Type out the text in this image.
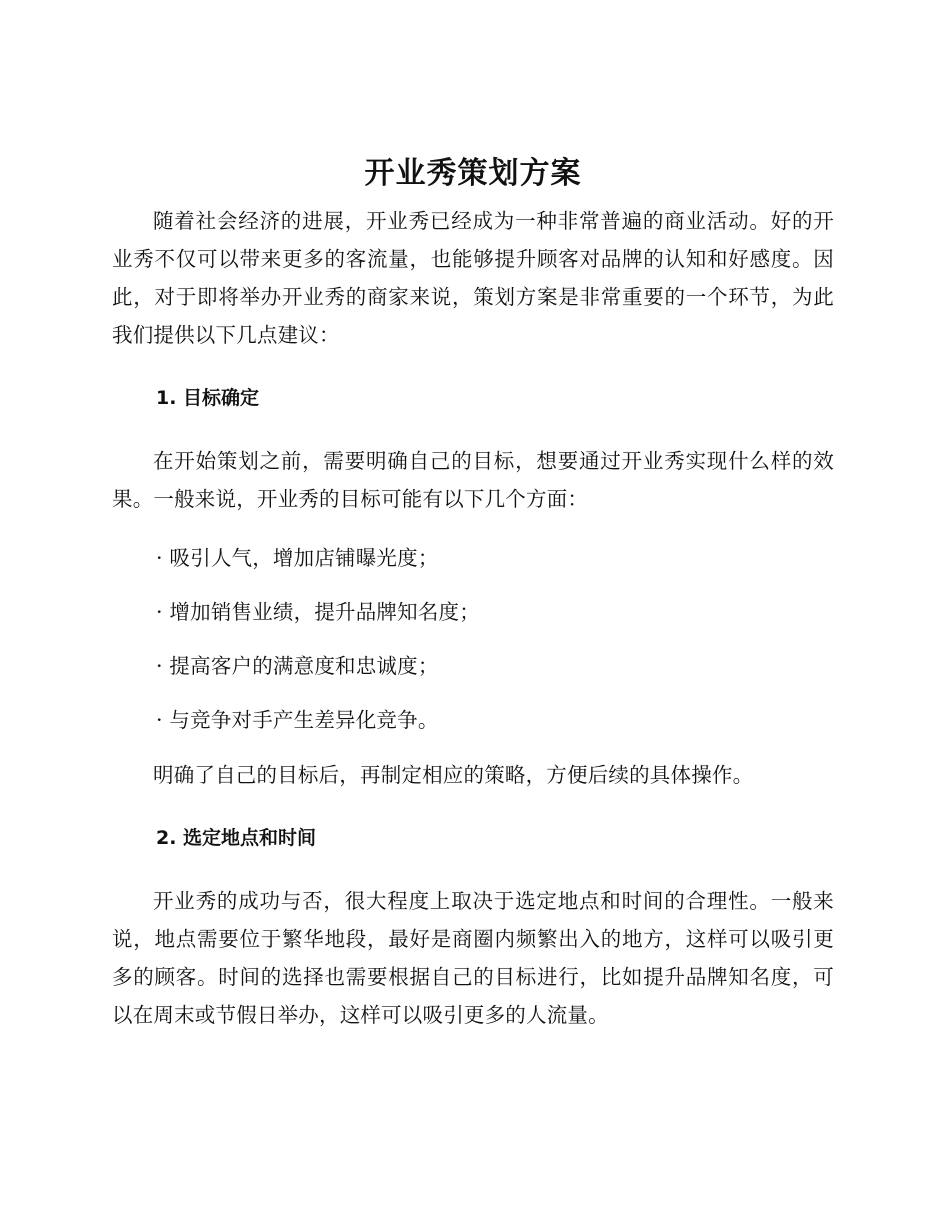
开业秀策划方案

随着社会经济的进展，开业秀已经成为一种非常普遍的商业活动。好的开业秀不仅可以带来更多的客流量，也能够提升顾客对品牌的认知和好感度。因此，对于即将举办开业秀的商家来说，策划方案是非常重要的一个环节，为此我们提供以下几点建议：

1. 目标确定

在开始策划之前，需要明确自己的目标，想要通过开业秀实现什么样的效果。一般来说，开业秀的目标可能有以下几个方面：

· 吸引人气，增加店铺曝光度；

· 增加销售业绩，提升品牌知名度；

· 提高客户的满意度和忠诚度；

· 与竞争对手产生差异化竞争。

明确了自己的目标后，再制定相应的策略，方便后续的具体操作。

2. 选定地点和时间

开业秀的成功与否，很大程度上取决于选定地点和时间的合理性。一般来说，地点需要位于繁华地段，最好是商圈内频繁出入的地方，这样可以吸引更多的顾客。时间的选择也需要根据自己的目标进行，比如提升品牌知名度，可以在周末或节假日举办，这样可以吸引更多的人流量。
